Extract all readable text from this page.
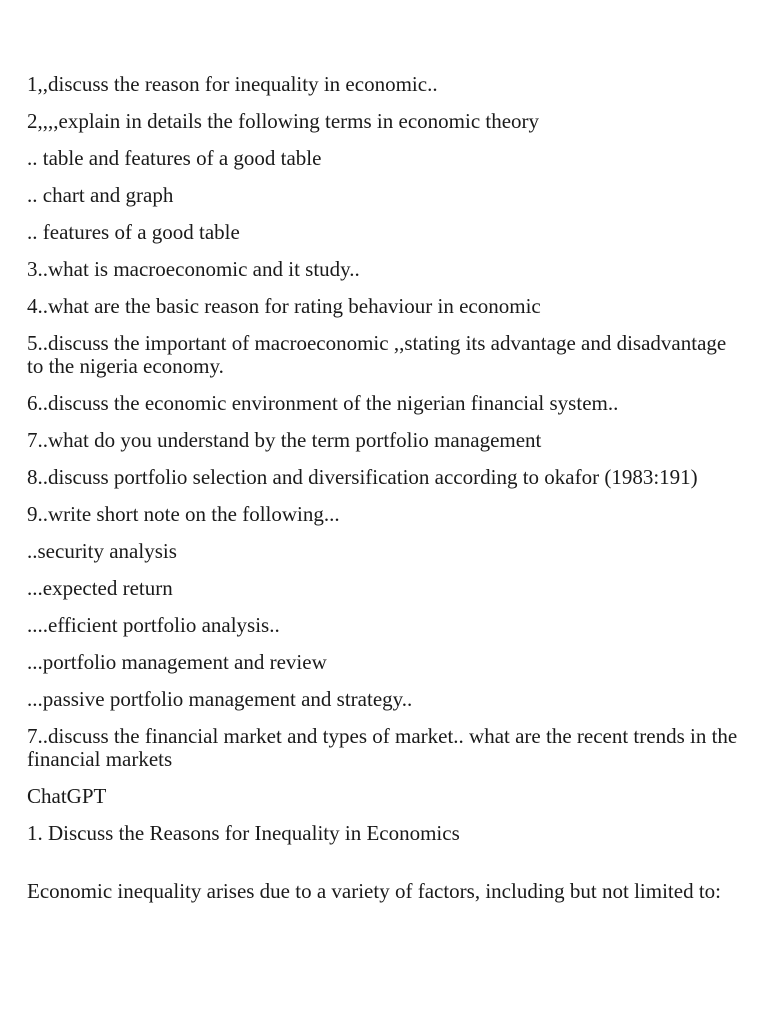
1,,discuss the reason for inequality in economic..

2,,,,explain in details the following terms in economic theory

.. table and features of a good table

.. chart and graph

.. features of a good table

3..what is macroeconomic and it study..

4..what are the basic reason for rating behaviour in economic

5..discuss the important of macroeconomic ,,stating its advantage and disadvantage to the nigeria economy.

6..discuss the economic environment of the nigerian financial system..

7..what do you understand by the term portfolio management

8..discuss portfolio selection and diversification according to okafor (1983:191)

9..write short note on the following...

..security analysis

...expected return

....efficient portfolio analysis..

...portfolio management and review

...passive portfolio management and strategy..

7..discuss the financial market and types of market.. what are the recent trends in the financial markets

ChatGPT

1. Discuss the Reasons for Inequality in Economics

Economic inequality arises due to a variety of factors, including but not limited to:
